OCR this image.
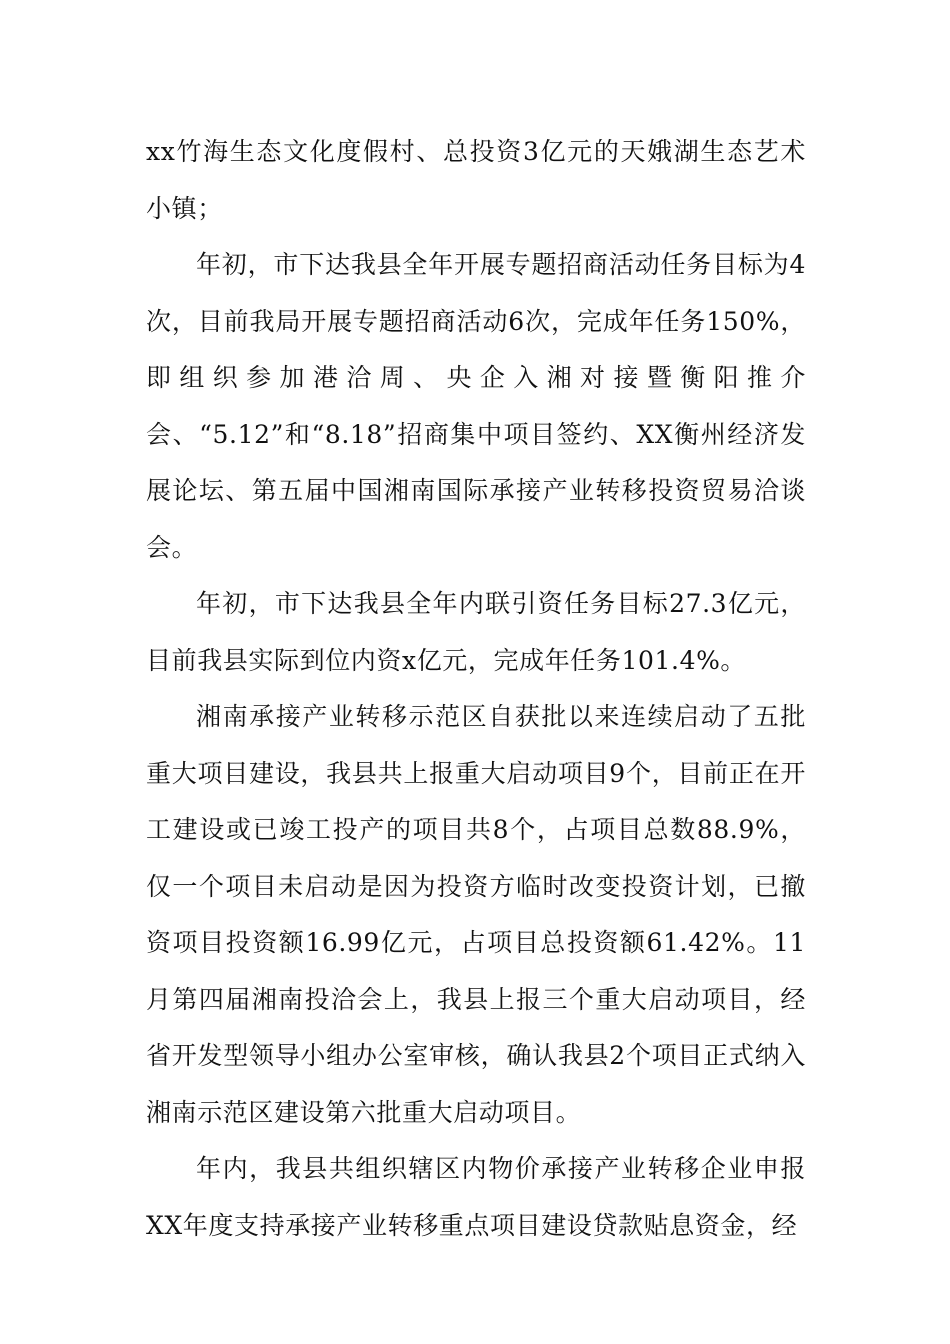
xx竹海生态文化度假村、总投资3亿元的天娥湖生态艺术小镇；

年初，市下达我县全年开展专题招商活动任务目标为4次，目前我局开展专题招商活动6次，完成年任务150%，即组织参加港洽周、央企入湘对接暨衡阳推介会、“5.12”和“8.18”招商集中项目签约、XX衡州经济发展论坛、第五届中国湘南国际承接产业转移投资贸易洽谈会。

年初，市下达我县全年内联引资任务目标27.3亿元，目前我县实际到位内资x亿元，完成年任务101.4%。

湘南承接产业转移示范区自获批以来连续启动了五批重大项目建设，我县共上报重大启动项目9个，目前正在开工建设或已竣工投产的项目共8个，占项目总数88.9%，仅一个项目未启动是因为投资方临时改变投资计划，已撤资项目投资额16.99亿元，占项目总投资额61.42%。11月第四届湘南投洽会上，我县上报三个重大启动项目，经省开发型领导小组办公室审核，确认我县2个项目正式纳入湘南示范区建设第六批重大启动项目。

年内，我县共组织辖区内物价承接产业转移企业申报XX年度支持承接产业转移重点项目建设贷款贴息资金，经
